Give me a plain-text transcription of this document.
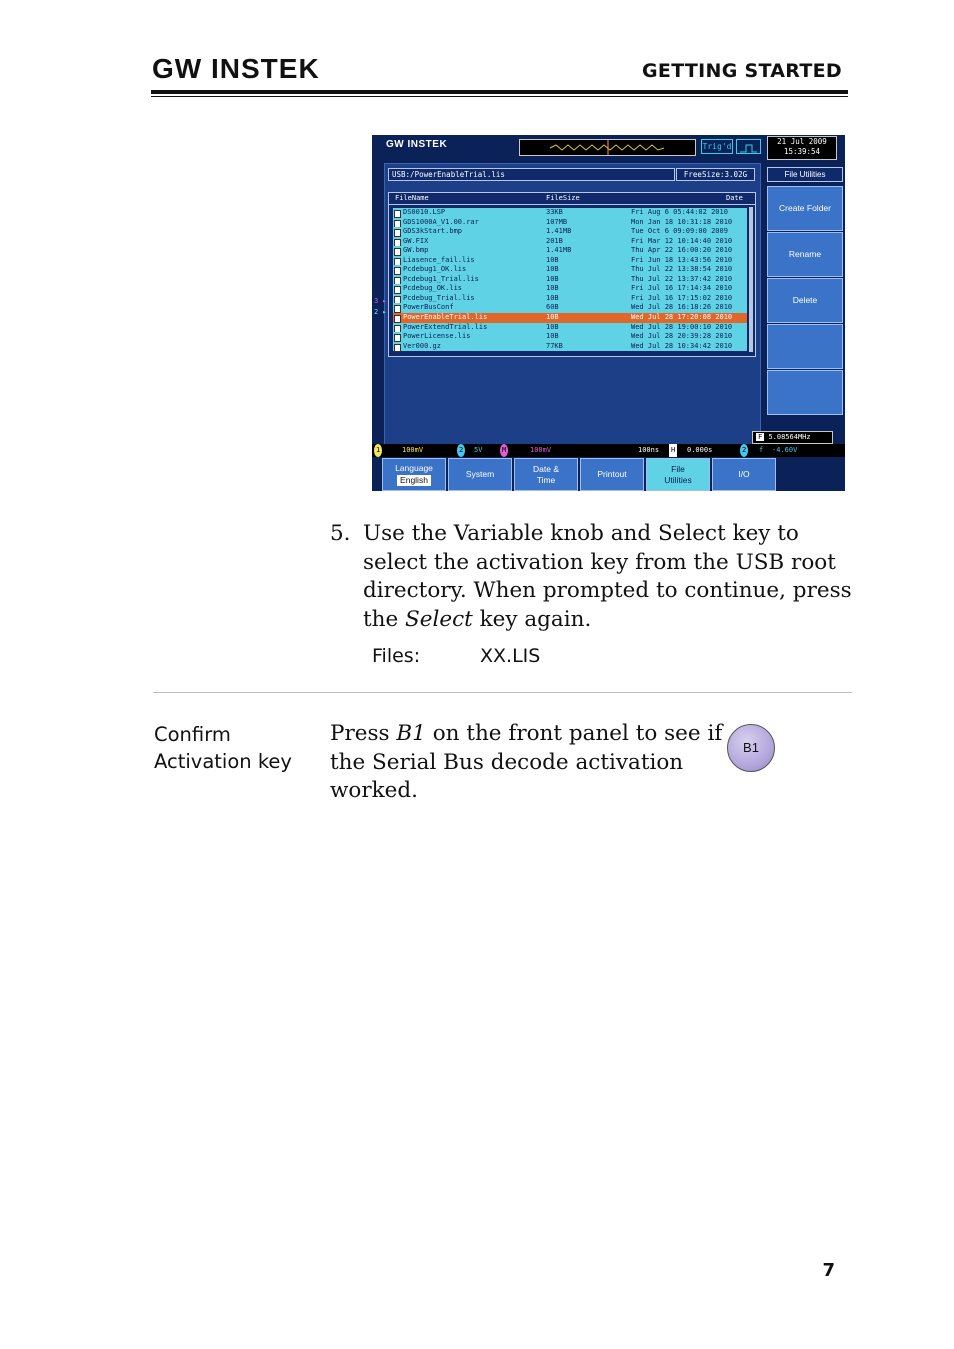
GW INSTEK	GETTING STARTED
GW INSTEK	Trig'd
21 Jul 2009
15:39:54
USB:/PowerEnableTrial.lis	FreeSize:3.02G
FileName	FileSize	Date
DS0010.LSP	33KB	Fri Aug 6 05:44:02 2010
GDS1000A_V1.00.rar	107MB	Mon Jan 18 10:31:18 2010
GDS3kStart.bmp	1.41MB	Tue Oct 6 09:09:00 2009
GW.FIX	201B	Fri Mar 12 10:14:40 2010
GW.bmp	1.41MB	Thu Apr 22 16:00:20 2010
Liasence_fail.lis	10B	Fri Jun 18 13:43:56 2010
Pcdebug1_OK.lis	10B	Thu Jul 22 13:38:54 2010
Pcdebug1_Trial.lis	10B	Thu Jul 22 13:37:42 2010
Pcdebug_OK.lis	10B	Fri Jul 16 17:14:34 2010
Pcdebug_Trial.lis	10B	Fri Jul 16 17:15:02 2010
PowerBusConf	60B	Wed Jul 28 16:18:26 2010
PowerEnableTrial.lis	10B	Wed Jul 28 17:20:08 2010
PowerExtendTrial.lis	10B	Wed Jul 28 19:00:10 2010
PowerLicense.lis	10B	Wed Jul 28 20:39:28 2010
Ver000.gz	77KB	Wed Jul 28 10:34:42 2010
File Utilities
Create Folder
Rename
Delete
3 ▸
2 ▸
F 5.08564MHz
1	100mV	2 5V	M	100mV	100ns H 0.000s	2 f -4.60V
Language
English
System
Date &
Time
Printout
File
Utilities
I/O
5. Use the Variable knob and Select key to select the activation key from the USB root directory. When prompted to continue, press the Select key again.
Files:	XX.LIS
Confirm
Activation key
Press B1 on the front panel to see if the Serial Bus decode activation worked.
B1
7
